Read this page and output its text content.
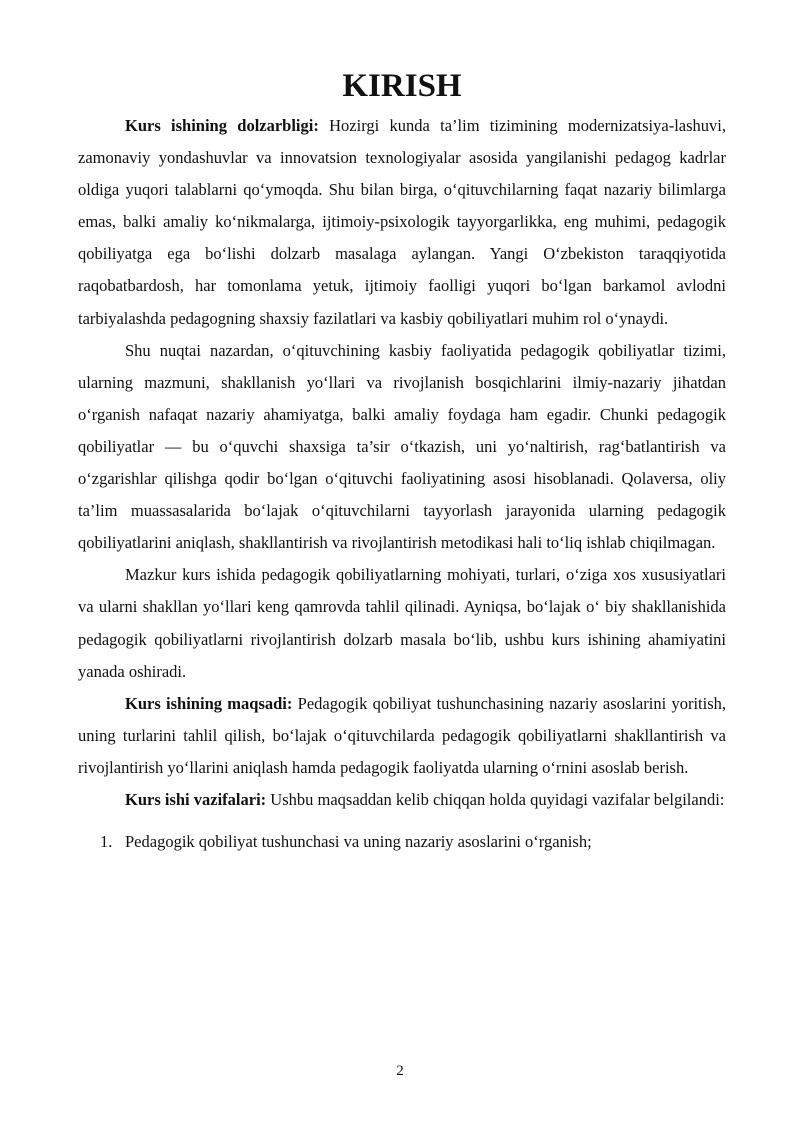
KIRISH

Kurs ishining dolzarbligi: Hozirgi kunda ta’lim tizimining modernizatsiya-lashuvi, zamonaviy yondashuvlar va innovatsion texnologiyalar asosida yangilanishi pedagog kadrlar oldiga yuqori talablarni qo‘ymoqda. Shu bilan birga, o‘qituvchilarning faqat nazariy bilimlarga emas, balki amaliy ko‘nikmalarga, ijtimoiy-psixologik tayyorgarlikka, eng muhimi, pedagogik qobiliyatga ega bo‘lishi dolzarb masalaga aylangan. Yangi O‘zbekiston taraqqiyotida raqobatbardosh, har tomonlama yetuk, ijtimoiy faolligi yuqori bo‘lgan barkamol avlodni tarbiyalashda pedagogning shaxsiy fazilatlari va kasbiy qobiliyatlari muhim rol o‘ynaydi.

Shu nuqtai nazardan, o‘qituvchining kasbiy faoliyatida pedagogik qobiliyatlar tizimi, ularning mazmuni, shakllanish yo‘llari va rivojlanish bosqichlarini ilmiy-nazariy jihatdan o‘rganish nafaqat nazariy ahamiyatga, balki amaliy foydaga ham egadir. Chunki pedagogik qobiliyatlar — bu o‘quvchi shaxsiga ta’sir o‘tkazish, uni yo‘naltirish, rag‘batlantirish va o‘zgarishlar qilishga qodir bo‘lgan o‘qituvchi faoliyatining asosi hisoblanadi. Qolaversa, oliy ta’lim muassasalarida bo‘lajak o‘qituvchilarni tayyorlash jarayonida ularning pedagogik qobiliyatlarini aniqlash, shakllantirish va rivojlantirish metodikasi hali to‘liq ishlab chiqilmagan.

Mazkur kurs ishida pedagogik qobiliyatlarning mohiyati, turlari, o‘ziga xos xususiyatlari va ularni shakllan yo‘llari keng qamrovda tahlil qilinadi. Ayniqsa, bo‘lajak o‘ biy shakllanishida pedagogik qobiliyatlarni rivojlantirish dolzarb masala bo‘lib, ushbu kurs ishining ahamiyatini yanada oshiradi.

Kurs ishining maqsadi: Pedagogik qobiliyat tushunchasining nazariy asoslarini yoritish, uning turlarini tahlil qilish, bo‘lajak o‘qituvchilarda pedagogik qobiliyatlarni shakllantirish va rivojlantirish yo‘llarini aniqlash hamda pedagogik faoliyatda ularning o‘rnini asoslab berish.

Kurs ishi vazifalari: Ushbu maqsaddan kelib chiqqan holda quyidagi vazifalar belgilandi:

1. Pedagogik qobiliyat tushunchasi va uning nazariy asoslarini o‘rganish;
2
